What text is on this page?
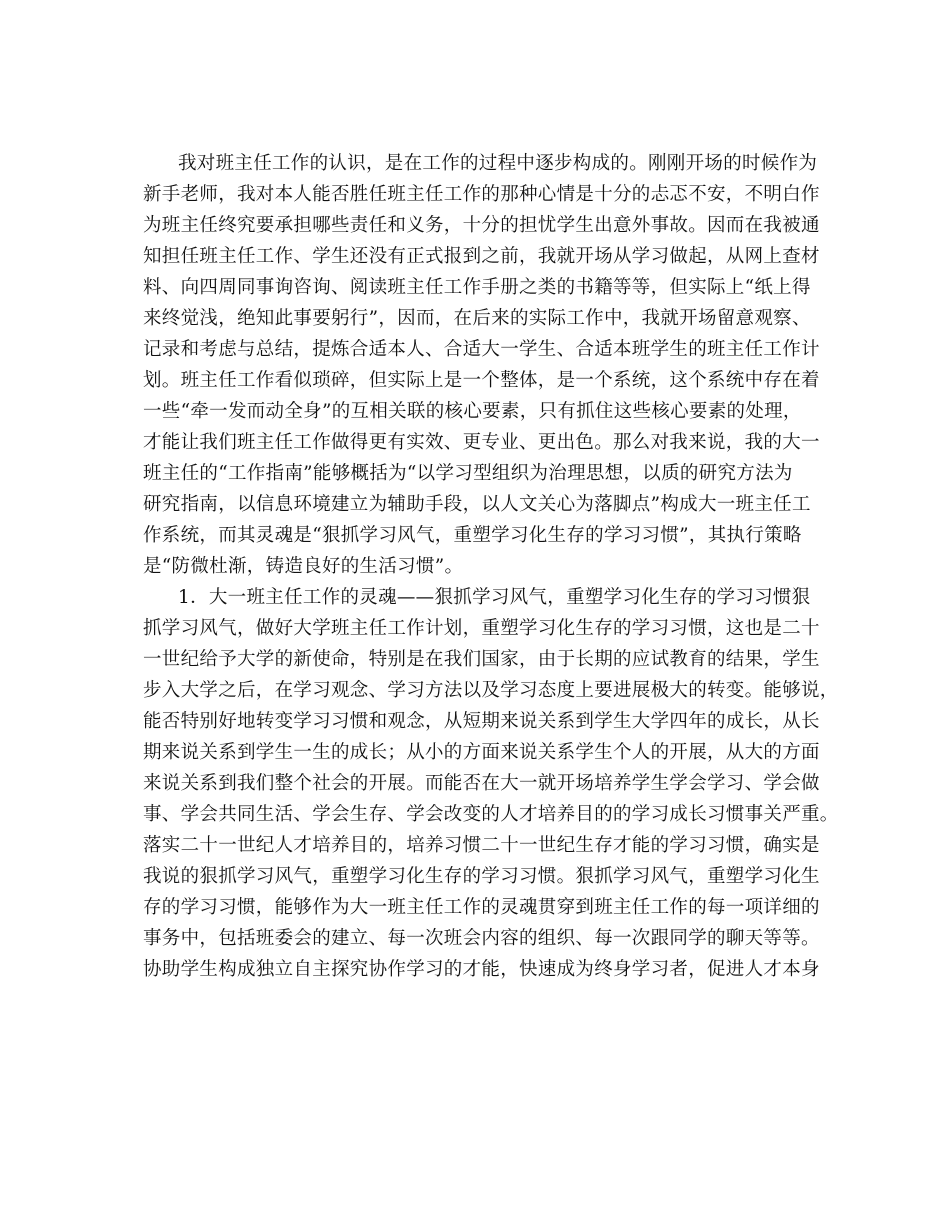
我对班主任工作的认识，是在工作的过程中逐步构成的。刚刚开场的时候作为
新手老师，我对本人能否胜任班主任工作的那种心情是十分的忐忑不安，不明白作
为班主任终究要承担哪些责任和义务，十分的担忧学生出意外事故。因而在我被通
知担任班主任工作、学生还没有正式报到之前，我就开场从学习做起，从网上查材
料、向四周同事询咨询、阅读班主任工作手册之类的书籍等等，但实际上“纸上得
来终觉浅，绝知此事要躬行”，因而，在后来的实际工作中，我就开场留意观察、
记录和考虑与总结，提炼合适本人、合适大一学生、合适本班学生的班主任工作计
划。班主任工作看似琐碎，但实际上是一个整体，是一个系统，这个系统中存在着
一些“牵一发而动全身”的互相关联的核心要素，只有抓住这些核心要素的处理，
才能让我们班主任工作做得更有实效、更专业、更出色。那么对我来说，我的大一
班主任的“工作指南”能够概括为“以学习型组织为治理思想，以质的研究方法为
研究指南，以信息环境建立为辅助手段，以人文关心为落脚点”构成大一班主任工
作系统，而其灵魂是“狠抓学习风气，重塑学习化生存的学习习惯”，其执行策略
是“防微杜渐，铸造良好的生活习惯”。
1．大一班主任工作的灵魂——狠抓学习风气，重塑学习化生存的学习习惯狠
抓学习风气，做好大学班主任工作计划，重塑学习化生存的学习习惯，这也是二十
一世纪给予大学的新使命，特别是在我们国家，由于长期的应试教育的结果，学生
步入大学之后，在学习观念、学习方法以及学习态度上要进展极大的转变。能够说，
能否特别好地转变学习习惯和观念，从短期来说关系到学生大学四年的成长，从长
期来说关系到学生一生的成长；从小的方面来说关系学生个人的开展，从大的方面
来说关系到我们整个社会的开展。而能否在大一就开场培养学生学会学习、学会做
事、学会共同生活、学会生存、学会改变的人才培养目的的学习成长习惯事关严重。
落实二十一世纪人才培养目的，培养习惯二十一世纪生存才能的学习习惯，确实是
我说的狠抓学习风气，重塑学习化生存的学习习惯。狠抓学习风气，重塑学习化生
存的学习习惯，能够作为大一班主任工作的灵魂贯穿到班主任工作的每一项详细的
事务中，包括班委会的建立、每一次班会内容的组织、每一次跟同学的聊天等等。
协助学生构成独立自主探究协作学习的才能，快速成为终身学习者，促进人才本身
